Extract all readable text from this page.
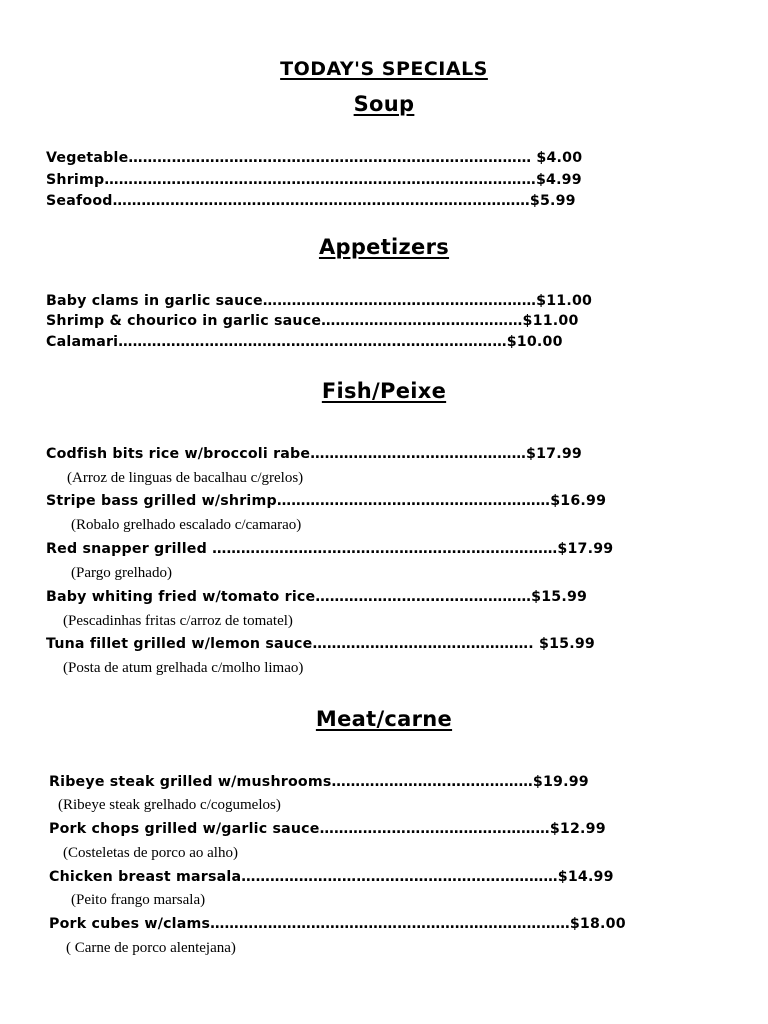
TODAY'S SPECIALS
Soup
Vegetable………………………………………………………………………… $4.00
Shrimp………………………………………………………………………………$4.99
Seafood……………………………………………………………………………$5.99
Appetizers
Baby clams in garlic sauce…………………………………………………$11.00
Shrimp & chourico in garlic sauce……………………………………$11.00
Calamari………………………………………………………………………$10.00
Fish/Peixe
Codfish bits rice w/broccoli rabe………………………………………$17.99
(Arroz de linguas de bacalhau c/grelos)
Stripe bass grilled w/shrimp…………………………………………………$16.99
(Robalo grelhado escalado c/camarao)
Red snapper grilled ………………………………………………………………$17.99
(Pargo grelhado)
Baby whiting fried w/tomato rice………………………………………$15.99
(Pescadinhas fritas c/arroz de tomatel)
Tuna fillet grilled w/lemon sauce………………………………………. $15.99
(Posta de atum grelhada c/molho limao)
Meat/carne
Ribeye steak grilled w/mushrooms……………………………………$19.99
(Ribeye steak grelhado c/cogumelos)
Pork chops grilled w/garlic sauce…………………………………………$12.99
(Costeletas de porco ao alho)
Chicken breast marsala…………………………………………………………$14.99
(Peito frango marsala)
Pork cubes w/clams…………………………………………………………………$18.00
( Carne de porco alentejana)
